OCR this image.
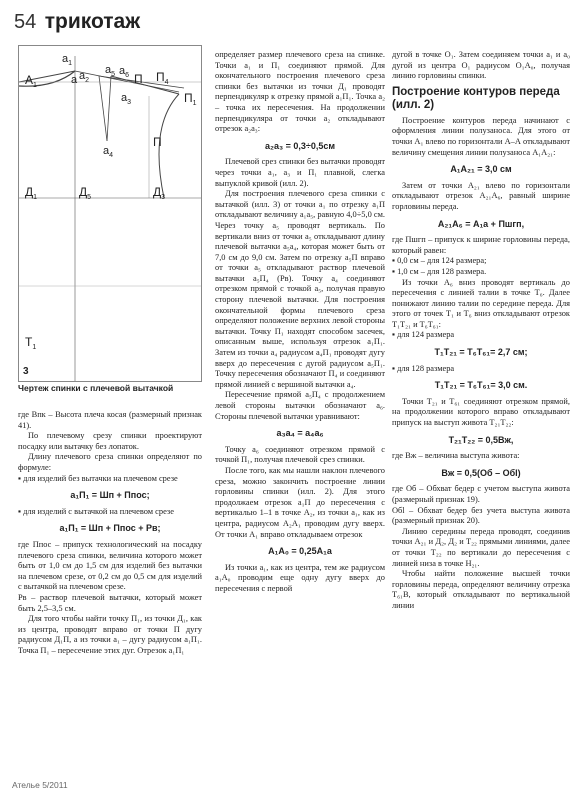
54 трикотаж
$а_1$
а $а_2$
$а_5$ $а_6$
$а_3$
$а_4$
$А_1$	П $П_4$
$П_1$
П
$Д_1$	$Д_5$	$Д_3$
$Т_1$
3
Чертеж спинки с плечевой вытачкой

где Впк – Высота плеча косая (размерный признак 41).

По плечевому срезу спинки проектируют посадку или вытачку без лопаток.

Длину плечевого среза спинки определяют по формуле:

▪ для изделий без вытачки на плечевом срезе

а₁П₁ = Шп + Ппос;

▪ для изделий с вытачкой на плечевом срезе

а₁П₁ = Шп + Ппос + Рв;

где Ппос – припуск технологический на посадку плечевого среза спинки, величина которого может быть от 1,0 см до 1,5 см для изделий без вытачки на плечевом срезе, от 0,2 см до 0,5 см для изделий с вытачкой на плечевом срезе.

Рв – раствор плечевой вытачки, который может быть 2,5–3,5 см.

Для того чтобы найти точку П₁, из точки Д₁, как из центра, проводят вправо от точки П дугу радиусом Д₁П, а из точки а₁ – дугу радиусом а₁П₁. Точка П₁ – пересечение этих дуг. Отрезок а₁П₁

определяет размер плечевого среза на спинке. Точки а₁ и П₁ соединяют прямой. Для окончательного построения плечевого среза спинки без вытачки из точки Д₁ проводят перпендикуляр к отрезку прямой а₁П₁. Точка а₂ – точка их пересечения. На продолжении перпендикуляра от точки а₂ откладывают отрезок а₂а₃:

а₂а₃ = 0,3÷0,5см

Плечевой срез спинки без вытачки проводят через точки а₁, а₃ и П₁ плавной, слегка выпуклой кривой (илл. 2).

Для построения плечевого среза спинки с вытачкой (илл. 3) от точки а₁ по отрезку а₁П откладывают величину а₁а₅, равную 4,0÷5,0 см. Через точку а₅ проводят вертикаль. По вертикали вниз от точки а₅ откладывают длину плечевой вытачки а₅а₄, которая может быть от 7,0 см до 9,0 см. Затем по отрезку а₅П вправо от точки а₅ откладывают раствор плечевой вытачки а₅П₄ (Рв). Точку а₄ соединяют отрезком прямой с точкой а₅, получая правую сторону плечевой вытачки. Для построения окончательной формы плечевого среза определяют положение верхних левой стороны вытачки. Точку П₁ находят способом засечек, описанным выше, используя отрезок а₁П₁. Затем из точки а₄ радиусом а₄П₁ проводят дугу вверх до пересечения с дугой радиусом а₅П₁. Точку пересечения обозначают П₄ и соединяют прямой линией с вершиной вытачки а₄.

Пересечение прямой а₅П₄ с продолжением левой стороны вытачки обозначают а₆. Стороны плечевой вытачки уравнивают:

а₃а₄ = а₄а₆

Точку а₆ соединяют отрезком прямой с точкой П₁, получая плечевой срез спинки.

После того, как мы нашли наклон плечевого среза, можно закончить построение линии горловины спинки (илл. 2). Для этого продолжаем отрезок а₁П до пересечения с вертикалью 1–1 в точке А₂, из точки а₁, как из центра, радиусом А₂А₁ проводим дугу вверх. От точки А₁ вправо откладываем отрезок

А₁А₀ = 0,25А₁а

Из точки а₁, как из центра, тем же радиусом а₁А₀ проводим еще одну дугу вверх до пересечения с первой

дугой в точке О₁. Затем соединяем точки а₁ и а₀ дугой из центра О₁ радиусом О₁А₀, получая линию горловины спинки.

Построение контуров переда (илл. 2)

Построение контуров переда начинают с оформления линии полузаноса. Для этого от точки А₁ влево по горизонтали А–А откладывают величину смещения линии полузаноса А₁А₂₁:

А₁А₂₁ = 3,0 см

Затем от точки А₂₁ влево по горизонтали откладывают отрезок А₂₁А₆, равный ширине горловины переда.

А₂₁А₆ = А₁а + Пшгп,

где Пшгп – припуск к ширине горловины переда, который равен:

▪ 0,0 см – для 124 размера;

▪ 1,0 см – для 128 размера.

Из точки А₆ вниз проводят вертикаль до пересечения с линией талии в точке Т₆. Далее понижают линию талии по середине переда. Для этого от точек Т₁ и Т₆ вниз откладывают отрезок Т₁Т₂₁ и Т₆Т₆₁:

▪ для 124 размера

Т₁Т₂₁ = Т₆Т₆₁= 2,7 см;

▪ для 128 размера

Т₁Т₂₁ = Т₆Т₆₁= 3,0 см.

Точки Т₂₁ и Т₆₁ соединяют отрезком прямой, на продолжении которого вправо откладывают припуск на выступ живота Т₂₁Т₂₂:

Т₂₁Т₂₂ = 0,5Вж,

где Вж – величина выступа живота:

Вж = 0,5(Об – Обl)

где Об – Обхват бедер с учетом выступа живота (размерный признак 19).

Обl – Обхват бедер без учета выступа живота (размерный признак 20).

Линию середины переда проводят, соединив точки А₂₁ и Д₂, Д₂ и Т₂₂ прямыми линиями, далее от точки Т₂₂ по вертикали до пересечения с линией низа в точке Н₂₁.

Чтобы найти положение высшей точки горловины переда, определяют величину отрезка Т₆₁В, который откладывают по вертикальной линии

Ателье 5/2011
